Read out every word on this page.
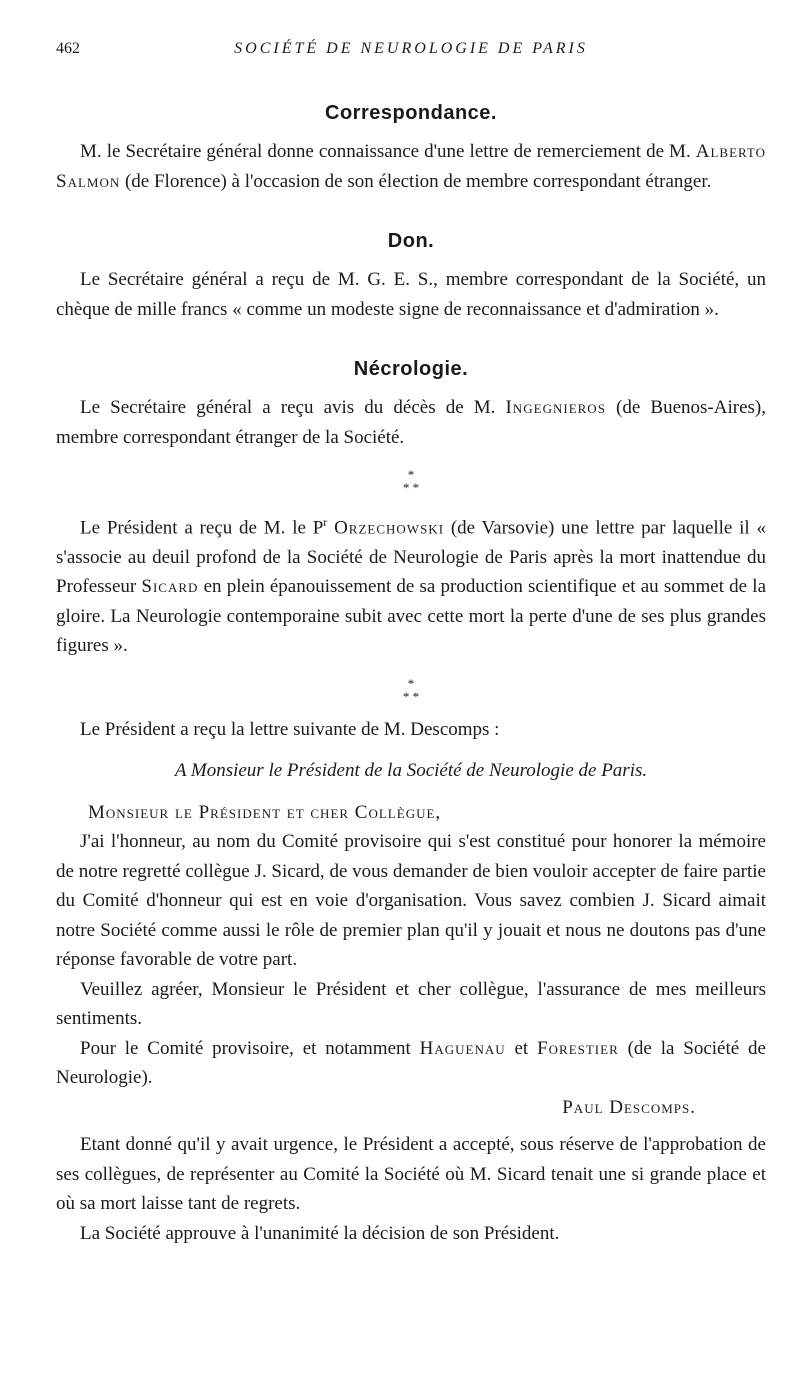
462	SOCIÉTÉ DE NEUROLOGIE DE PARIS
Correspondance.

M. le Secrétaire général donne connaissance d'une lettre de remerciement de M. Alberto Salmon (de Florence) à l'occasion de son élection de membre correspondant étranger.

Don.

Le Secrétaire général a reçu de M. G. E. S., membre correspondant de la Société, un chèque de mille francs « comme un modeste signe de reconnaissance et d'admiration ».

Nécrologie.

Le Secrétaire général a reçu avis du décès de M. Ingegnieros (de Buenos-Aires), membre correspondant étranger de la Société.

*
* *

Le Président a reçu de M. le $P^r$ Orzechowski (de Varsovie) une lettre par laquelle il « s'associe au deuil profond de la Société de Neurologie de Paris après la mort inattendue du Professeur Sicard en plein épanouissement de sa production scientifique et au sommet de la gloire. La Neurologie contemporaine subit avec cette mort la perte d'une de ses plus grandes figures ».

*
* *

Le Président a reçu la lettre suivante de M. Descomps :

A Monsieur le Président de la Société de Neurologie de Paris.

Monsieur le Président et cher Collègue,

J'ai l'honneur, au nom du Comité provisoire qui s'est constitué pour honorer la mémoire de notre regretté collègue J. Sicard, de vous demander de bien vouloir accepter de faire partie du Comité d'honneur qui est en voie d'organisation. Vous savez combien J. Sicard aimait notre Société comme aussi le rôle de premier plan qu'il y jouait et nous ne doutons pas d'une réponse favorable de votre part.

Veuillez agréer, Monsieur le Président et cher collègue, l'assurance de mes meilleurs sentiments.

Pour le Comité provisoire, et notamment Haguenau et Forestier (de la Société de Neurologie).

Paul Descomps.

Etant donné qu'il y avait urgence, le Président a accepté, sous réserve de l'approbation de ses collègues, de représenter au Comité la Société où M. Sicard tenait une si grande place et où sa mort laisse tant de regrets.

La Société approuve à l'unanimité la décision de son Président.
